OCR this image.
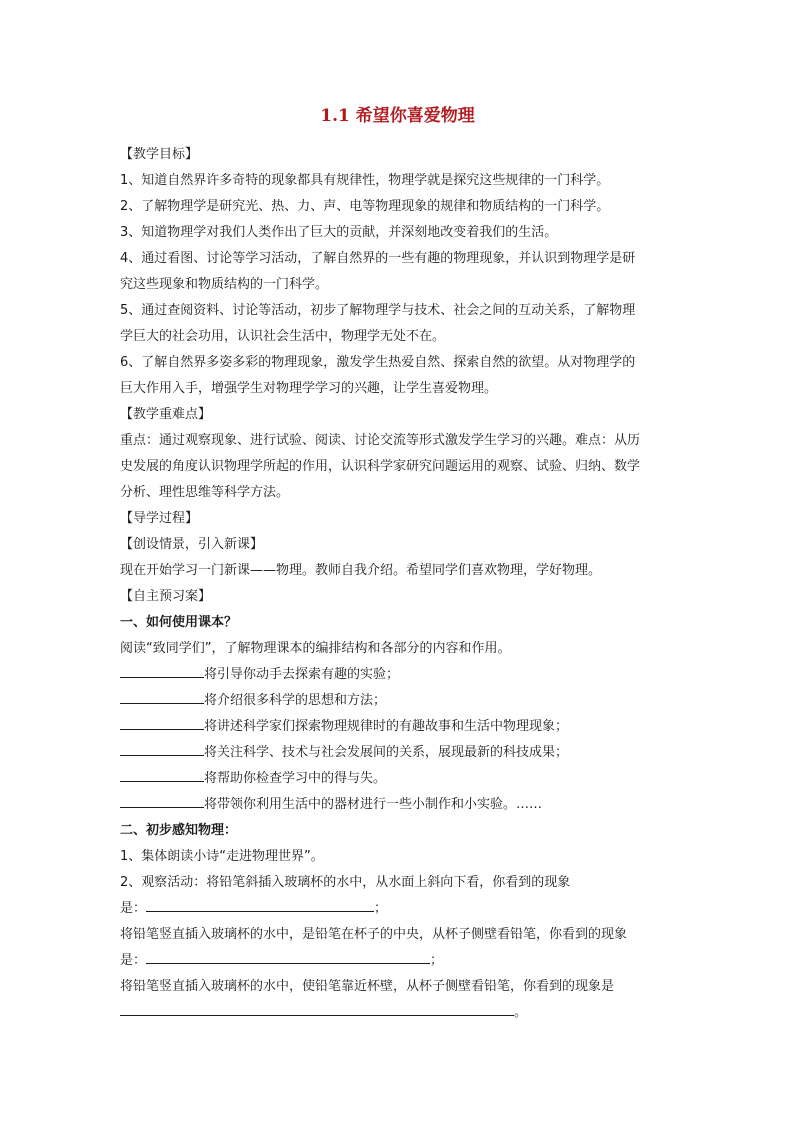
1.1 希望你喜爱物理

【教学目标】

1、知道自然界许多奇特的现象都具有规律性，物理学就是探究这些规律的一门科学。

2、了解物理学是研究光、热、力、声、电等物理现象的规律和物质结构的一门科学。

3、知道物理学对我们人类作出了巨大的贡献，并深刻地改变着我们的生活。

4、通过看图、讨论等学习活动，了解自然界的一些有趣的物理现象，并认识到物理学是研

究这些现象和物质结构的一门科学。

5、通过查阅资料、讨论等活动，初步了解物理学与技术、社会之间的互动关系，了解物理

学巨大的社会功用，认识社会生活中，物理学无处不在。

6、了解自然界多姿多彩的物理现象，激发学生热爱自然、探索自然的欲望。从对物理学的

巨大作用入手，增强学生对物理学学习的兴趣，让学生喜爱物理。

【教学重难点】

重点：通过观察现象、进行试验、阅读、讨论交流等形式激发学生学习的兴趣。难点：从历

史发展的角度认识物理学所起的作用，认识科学家研究问题运用的观察、试验、归纳、数学

分析、理性思维等科学方法。

【导学过程】

【创设情景，引入新课】

现在开始学习一门新课——物理。教师自我介绍。希望同学们喜欢物理，学好物理。

【自主预习案】

一、如何使用课本？

阅读“致同学们”，了解物理课本的编排结构和各部分的内容和作用。

将引导你动手去探索有趣的实验；

将介绍很多科学的思想和方法；

将讲述科学家们探索物理规律时的有趣故事和生活中物理现象；

将关注科学、技术与社会发展间的关系，展现最新的科技成果；

将帮助你检查学习中的得与失。

将带领你利用生活中的器材进行一些小制作和小实验。……

二、初步感知物理：

1、集体朗读小诗“走进物理世界”。

2、观察活动：将铅笔斜插入玻璃杯的水中，从水面上斜向下看，你看到的现象

是：	；

将铅笔竖直插入玻璃杯的水中，是铅笔在杯子的中央，从杯子侧壁看铅笔，你看到的现象

是：	；

将铅笔竖直插入玻璃杯的水中，使铅笔靠近杯壁，从杯子侧壁看铅笔，你看到的现象是

。
